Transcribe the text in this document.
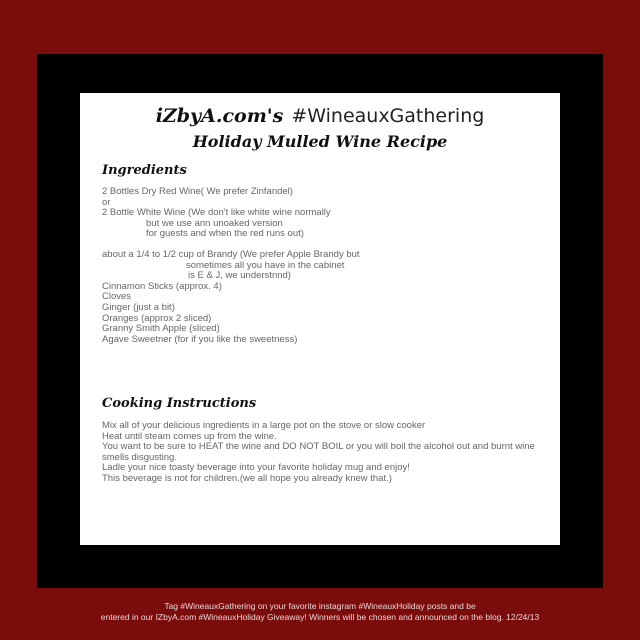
iZbyA.com's #WineauxGathering
Holiday Mulled Wine Recipe
Ingredients
2 Bottles Dry Red Wine( We prefer Zinfandel)
or
2 Bottle White Wine (We don't like white wine normally
but we use ann unoaked version
for guests and when the red runs out)
about a 1/4 to 1/2 cup of Brandy (We prefer Apple Brandy but
sometimes all you have in the cabinet
is E & J, we understnnd)
Cinnamon Sticks (approx. 4)
Cloves
Ginger (just a bit)
Oranges (approx 2 sliced)
Granny Smith Apple (sliced)
Agave Sweetner (for if you like the sweetness)
Cooking Instructions
Mix all of your delicious ingredients in a large pot on the stove or slow cooker
Heat until steam comes up from the wine.
You want to be sure to HEAT the wine and DO NOT BOIL or you will boil the alcohol out and burnt wine
smells disgusting.
Ladle your nice toasty beverage into your favorite holiday mug and enjoy!
This beverage is not for children.(we all hope you already knew that.)
Tag #WineauxGathering on your favorite instagram #WineauxHoliday posts and be
entered in our IZbyA.com #WineauxHoliday Giveaway! Winners will be chosen and announced on the blog. 12/24/13
